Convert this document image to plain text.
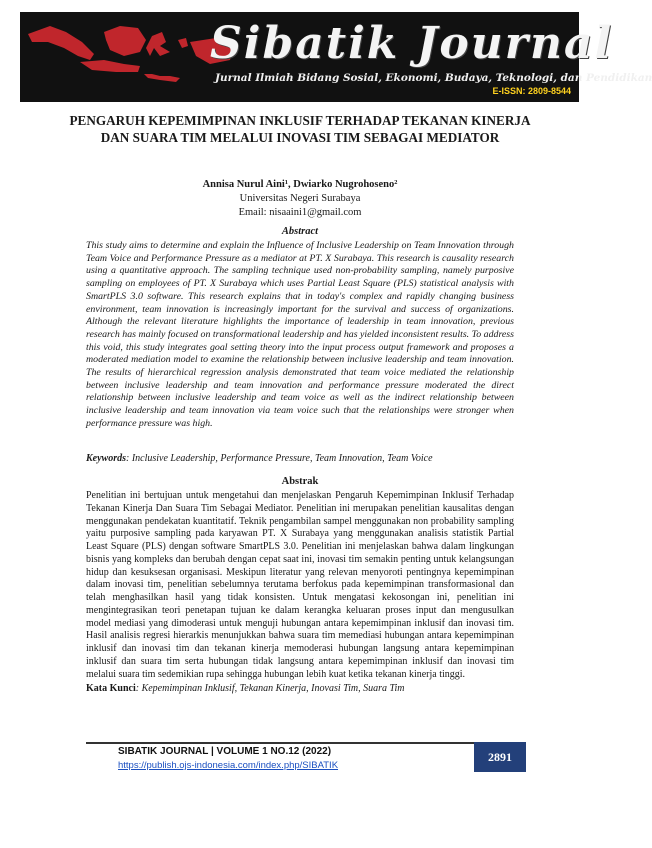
Sibatik Journal
Jurnal Ilmiah Bidang Sosial, Ekonomi, Budaya, Teknologi, dan Pendidikan
E-ISSN: 2809-8544
PENGARUH KEPEMIMPINAN INKLUSIF TERHADAP TEKANAN KINERJA DAN SUARA TIM MELALUI INOVASI TIM SEBAGAI MEDIATOR
Annisa Nurul Aini¹, Dwiarko Nugrohoseno²
Universitas Negeri Surabaya
Email: nisaaini1@gmail.com
Abstract

This study aims to determine and explain the Influence of Inclusive Leadership on Team Innovation through Team Voice and Performance Pressure as a mediator at PT. X Surabaya. This research is causality research using a quantitative approach. The sampling technique used non-probability sampling, namely purposive sampling on employees of PT. X Surabaya which uses Partial Least Square (PLS) statistical analysis with SmartPLS 3.0 software. This research explains that in today's complex and rapidly changing business environment, team innovation is increasingly important for the survival and success of organizations. Although the relevant literature highlights the importance of leadership in team innovation, previous research has mainly focused on transformational leadership and has yielded inconsistent results. To address this void, this study integrates goal setting theory into the input process output framework and proposes a moderated mediation model to examine the relationship between inclusive leadership and team innovation. The results of hierarchical regression analysis demonstrated that team voice mediated the relationship between inclusive leadership and team innovation and performance pressure moderated the direct relationship between inclusive leadership and team voice as well as the indirect relationship between inclusive leadership and team innovation via team voice such that the relationships were stronger when performance pressure was high.

Keywords: Inclusive Leadership, Performance Pressure, Team Innovation, Team Voice
Abstrak

Penelitian ini bertujuan untuk mengetahui dan menjelaskan Pengaruh Kepemimpinan Inklusif Terhadap Tekanan Kinerja Dan Suara Tim Sebagai Mediator. Penelitian ini merupakan penelitian kausalitas dengan menggunakan pendekatan kuantitatif. Teknik pengambilan sampel menggunakan non probability sampling yaitu purposive sampling pada karyawan PT. X Surabaya yang menggunakan analisis statistik Partial Least Square (PLS) dengan software SmartPLS 3.0. Penelitian ini menjelaskan bahwa dalam lingkungan bisnis yang kompleks dan berubah dengan cepat saat ini, inovasi tim semakin penting untuk kelangsungan hidup dan kesuksesan organisasi. Meskipun literatur yang relevan menyoroti pentingnya kepemimpinan dalam inovasi tim, penelitian sebelumnya terutama berfokus pada kepemimpinan transformasional dan telah menghasilkan hasil yang tidak konsisten. Untuk mengatasi kekosongan ini, penelitian ini mengintegrasikan teori penetapan tujuan ke dalam kerangka keluaran proses input dan mengusulkan model mediasi yang dimoderasi untuk menguji hubungan antara kepemimpinan inklusif dan inovasi tim. Hasil analisis regresi hierarkis menunjukkan bahwa suara tim memediasi hubungan antara kepemimpinan inklusif dan inovasi tim dan tekanan kinerja memoderasi hubungan langsung antara kepemimpinan inklusif dan suara tim serta hubungan tidak langsung antara kepemimpinan inklusif dan inovasi tim melalui suara tim sedemikian rupa sehingga hubungan lebih kuat ketika tekanan kinerja tinggi.

Kata Kunci: Kepemimpinan Inklusif, Tekanan Kinerja, Inovasi Tim, Suara Tim
SIBATIK JOURNAL | VOLUME 1 NO.12 (2022)
https://publish.ojs-indonesia.com/index.php/SIBATIK
2891
